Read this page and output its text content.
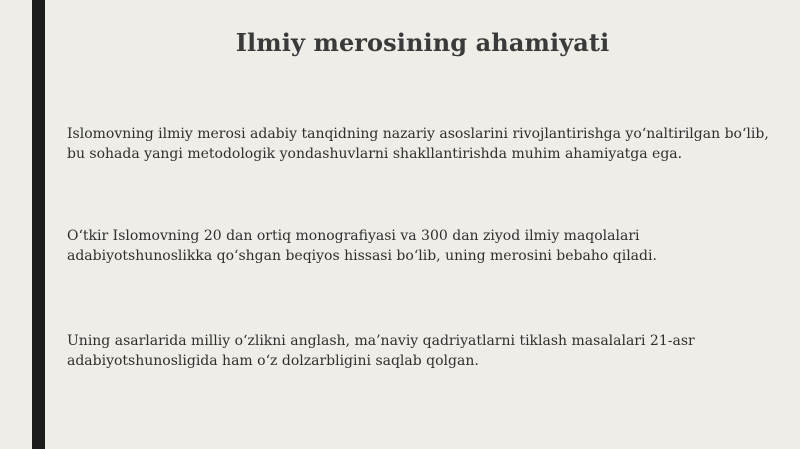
Ilmiy merosining ahamiyati

Islomovning ilmiy merosi adabiy tanqidning nazariy asoslarini rivojlantirishga yo‘naltirilgan bo‘lib, bu sohada yangi metodologik yondashuvlarni shakllantirishda muhim ahamiyatga ega.

O‘tkir Islomovning 20 dan ortiq monografiyasi va 300 dan ziyod ilmiy maqolalari adabiyotshunoslikka qo‘shgan beqiyos hissasi bo‘lib, uning merosini bebaho qiladi.

Uning asarlarida milliy o‘zlikni anglash, ma’naviy qadriyatlarni tiklash masalalari 21-asr adabiyotshunosligida ham o‘z dolzarbligini saqlab qolgan.
